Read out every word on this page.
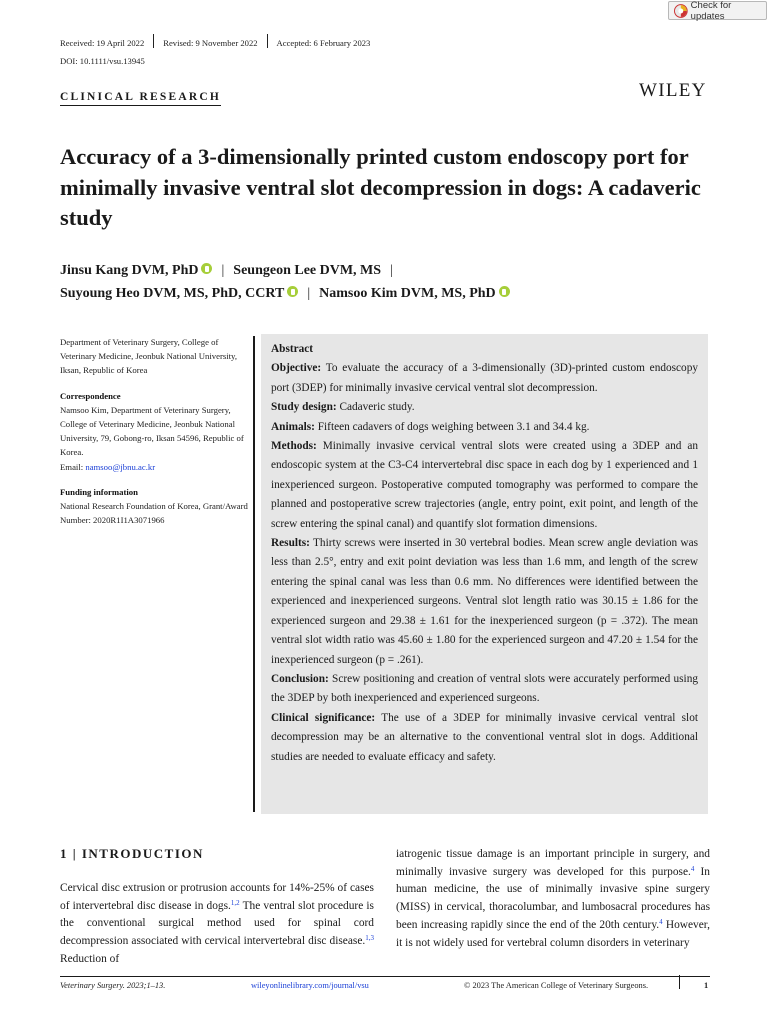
Check for updates
Received: 19 April 2022	Revised: 9 November 2022	Accepted: 6 February 2023
DOI: 10.1111/vsu.13945
CLINICAL RESEARCH	WILEY
Accuracy of a 3-dimensionally printed custom endoscopy port for minimally invasive ventral slot decompression in dogs: A cadaveric study
Jinsu Kang DVM, PhD | Seungeon Lee DVM, MS |
Suyoung Heo DVM, MS, PhD, CCRT | Namsoo Kim DVM, MS, PhD

Department of Veterinary Surgery, College of Veterinary Medicine, Jeonbuk National University, Iksan, Republic of Korea

Correspondence
Namsoo Kim, Department of Veterinary Surgery, College of Veterinary Medicine, Jeonbuk National University, 79, Gobong-ro, Iksan 54596, Republic of Korea.

Email: namsoo@jbnu.ac.kr

Funding information
National Research Foundation of Korea, Grant/Award Number: 2020R1I1A3071966

Abstract

Objective: To evaluate the accuracy of a 3-dimensionally (3D)-printed custom endoscopy port (3DEP) for minimally invasive cervical ventral slot decompression.

Study design: Cadaveric study.

Animals: Fifteen cadavers of dogs weighing between 3.1 and 34.4 kg.

Methods: Minimally invasive cervical ventral slots were created using a 3DEP and an endoscopic system at the C3-C4 intervertebral disc space in each dog by 1 experienced and 1 inexperienced surgeon. Postoperative computed tomography was performed to compare the planned and postoperative screw trajectories (angle, entry point, exit point, and length of the screw entering the spinal canal) and quantify slot formation dimensions.

Results: Thirty screws were inserted in 30 vertebral bodies. Mean screw angle deviation was less than 2.5°, entry and exit point deviation was less than 1.6 mm, and length of the screw entering the spinal canal was less than 0.6 mm. No differences were identified between the experienced and inexperienced surgeons. Ventral slot length ratio was 30.15 ± 1.86 for the experienced surgeon and 29.38 ± 1.61 for the inexperienced surgeon (p = .372). The mean ventral slot width ratio was 45.60 ± 1.80 for the experienced surgeon and 47.20 ± 1.54 for the inexperienced surgeon (p = .261).

Conclusion: Screw positioning and creation of ventral slots were accurately performed using the 3DEP by both inexperienced and experienced surgeons.

Clinical significance: The use of a 3DEP for minimally invasive cervical ventral slot decompression may be an alternative to the conventional ventral slot in dogs. Additional studies are needed to evaluate efficacy and safety.

1 | INTRODUCTION
Cervical disc extrusion or protrusion accounts for 14%-25% of cases of intervertebral disc disease in dogs.$^{1,2}$ The ventral slot procedure is the conventional surgical method used for spinal cord decompression associated with cervical intervertebral disc disease.$^{1,3}$ Reduction of
iatrogenic tissue damage is an important principle in surgery, and minimally invasive surgery was developed for this purpose.$^4$ In human medicine, the use of minimally invasive spine surgery (MISS) in cervical, thoracolumbar, and lumbosacral procedures has been increasing rapidly since the end of the 20th century.$^4$ However, it is not widely used for vertebral column disorders in veterinary
Veterinary Surgery. 2023;1–13.	wileyonlinelibrary.com/journal/vsu	© 2023 The American College of Veterinary Surgeons.	1
